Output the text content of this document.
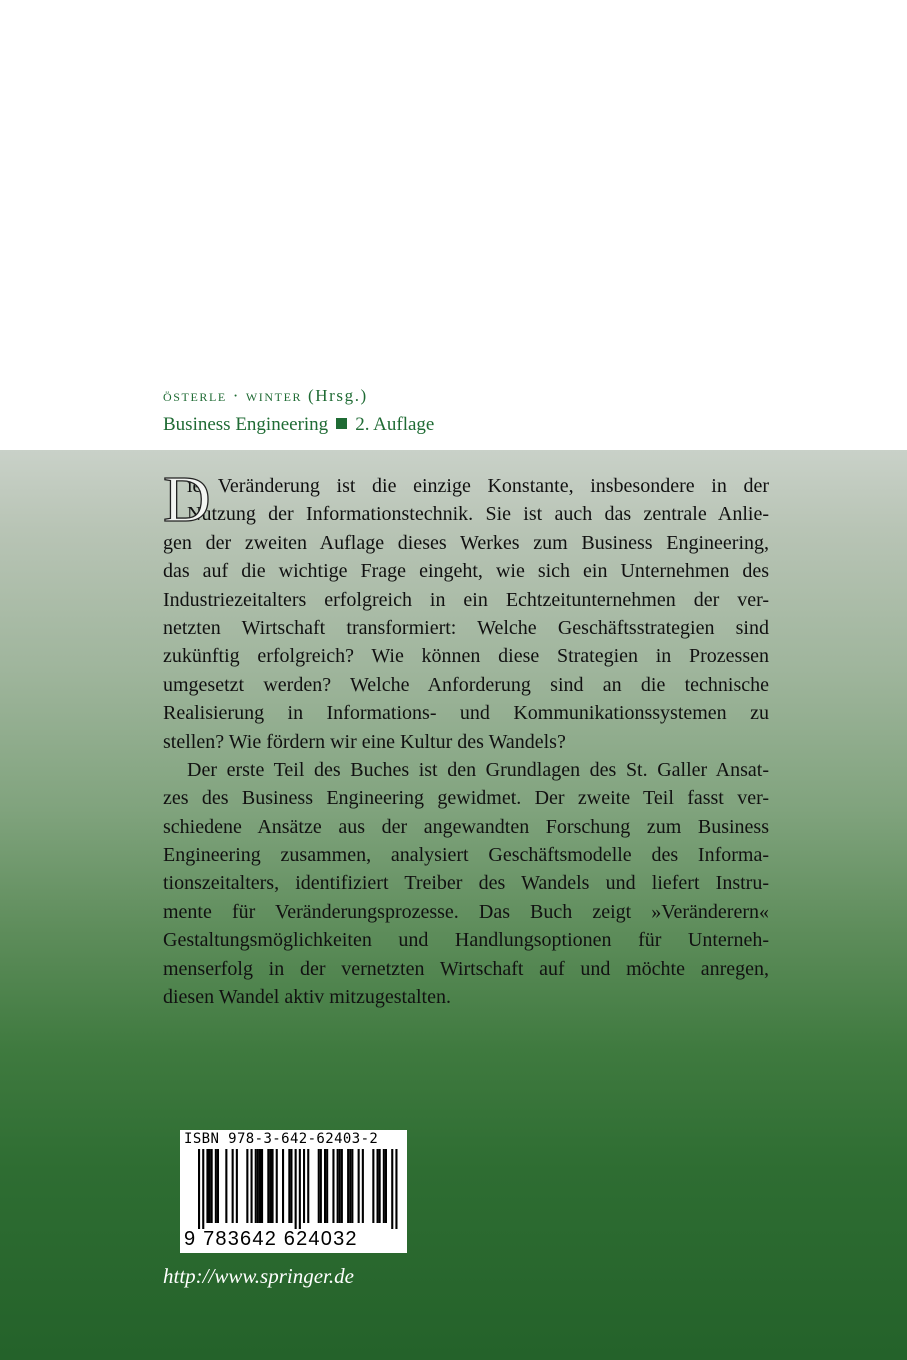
österle · winter (Hrsg.)
Business Engineering 2. Auflage
D
ie Veränderung ist die einzige Konstante, insbesondere in der
Nutzung der Informationstechnik. Sie ist auch das zentrale Anlie-
gen der zweiten Auflage dieses Werkes zum Business Engineering,
das auf die wichtige Frage eingeht, wie sich ein Unternehmen des
Industriezeitalters erfolgreich in ein Echtzeitunternehmen der ver-
netzten Wirtschaft transformiert: Welche Geschäftsstrategien sind
zukünftig erfolgreich? Wie können diese Strategien in Prozessen
umgesetzt werden? Welche Anforderung sind an die technische
Realisierung in Informations- und Kommunikationssystemen zu
stellen? Wie fördern wir eine Kultur des Wandels?
Der erste Teil des Buches ist den Grundlagen des St. Galler Ansat-
zes des Business Engineering gewidmet. Der zweite Teil fasst ver-
schiedene Ansätze aus der angewandten Forschung zum Business
Engineering zusammen, analysiert Geschäftsmodelle des Informa-
tionszeitalters, identifiziert Treiber des Wandels und liefert Instru-
mente für Veränderungsprozesse. Das Buch zeigt »Veränderern«
Gestaltungsmöglichkeiten und Handlungsoptionen für Unterneh-
menserfolg in der vernetzten Wirtschaft auf und möchte anregen,
diesen Wandel aktiv mitzugestalten.
ISBN 978-3-642-62403-2
9 783642 624032
http://www.springer.de
